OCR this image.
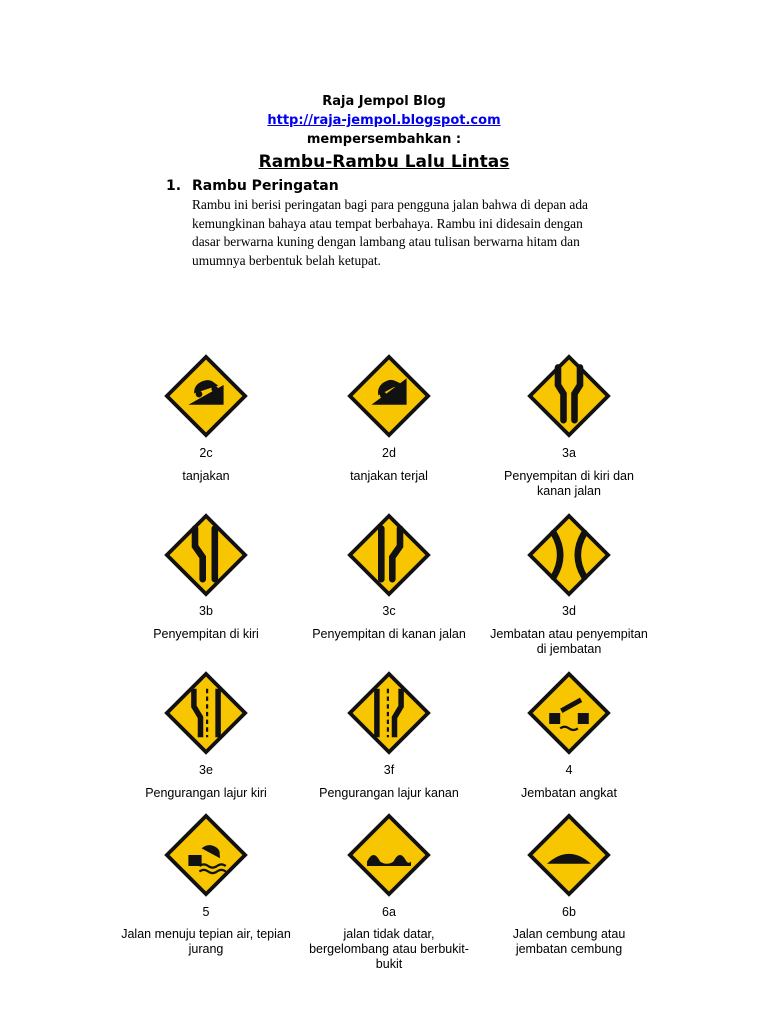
Raja Jempol Blog
http://raja-jempol.blogspot.com
mempersembahkan :
Rambu-Rambu Lalu Lintas
1. Rambu Peringatan
Rambu ini berisi peringatan bagi para pengguna jalan bahwa di depan ada
kemungkinan bahaya atau tempat berbahaya. Rambu ini didesain dengan
dasar berwarna kuning dengan lambang atau tulisan berwarna hitam dan
umumnya berbentuk belah ketupat.
2c
tanjakan
2d
tanjakan terjal
3a
Penyempitan di kiri dan
kanan jalan
3b
Penyempitan di kiri
3c
Penyempitan di kanan jalan
3d
Jembatan atau penyempitan
di jembatan
3e
Pengurangan lajur kiri
3f
Pengurangan lajur kanan
4
Jembatan angkat
5
Jalan menuju tepian air, tepian
jurang
6a
jalan tidak datar,
bergelombang atau berbukit-
bukit
6b
Jalan cembung atau
jembatan cembung
